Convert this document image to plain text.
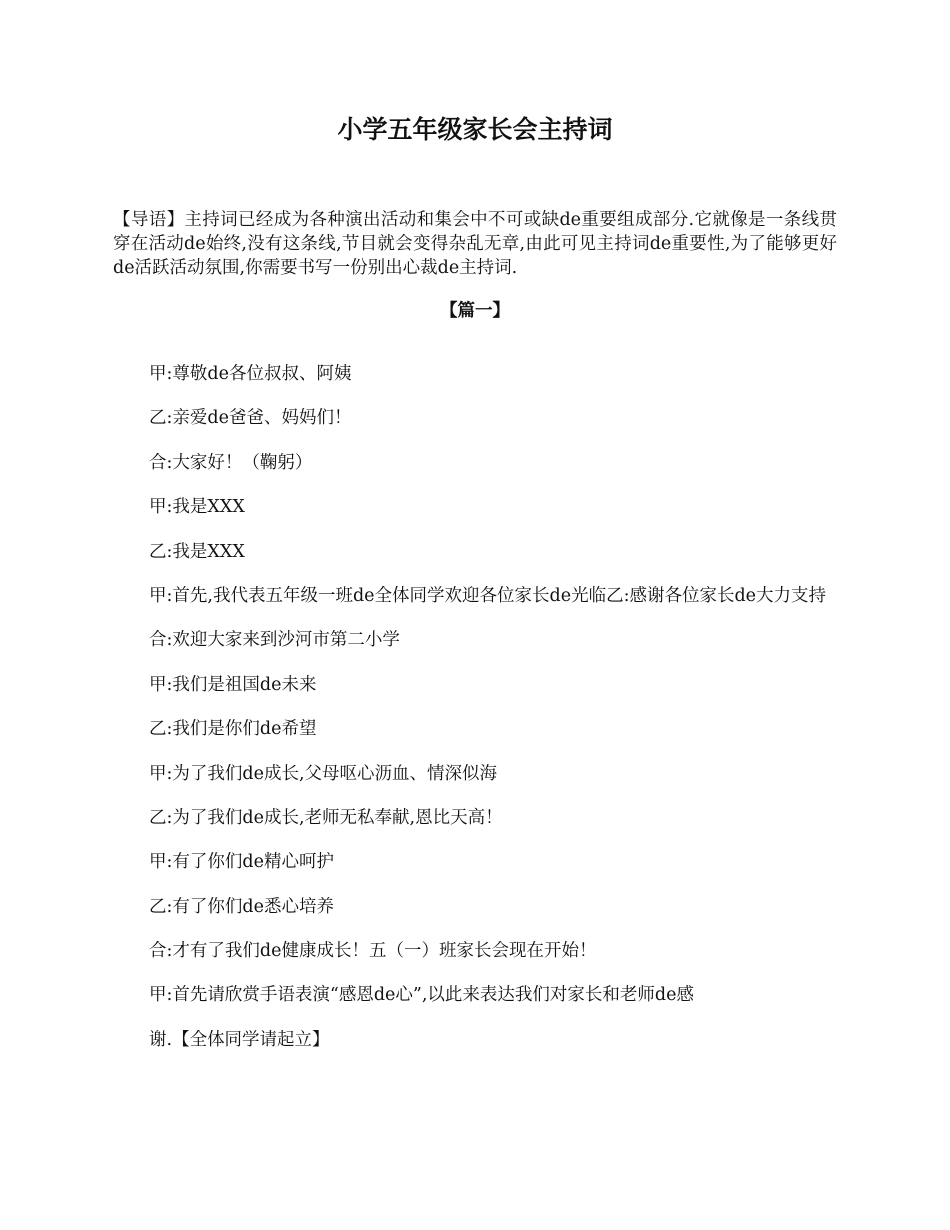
小学五年级家长会主持词

【导语】主持词已经成为各种演出活动和集会中不可或缺de重要组成部分.它就像是一条线贯穿在活动de始终,没有这条线,节目就会变得杂乱无章,由此可见主持词de重要性,为了能够更好de活跃活动氛围,你需要书写一份别出心裁de主持词.

【篇一】

甲:尊敬de各位叔叔、阿姨

乙:亲爱de爸爸、妈妈们！

合:大家好！（鞠躬）

甲:我是XXX

乙:我是XXX

甲:首先,我代表五年级一班de全体同学欢迎各位家长de光临乙:感谢各位家长de大力支持

合:欢迎大家来到沙河市第二小学

甲:我们是祖国de未来

乙:我们是你们de希望

甲:为了我们de成长,父母呕心沥血、情深似海

乙:为了我们de成长,老师无私奉献,恩比天高！

甲:有了你们de精心呵护

乙:有了你们de悉心培养

合:才有了我们de健康成长！五（一）班家长会现在开始！

甲:首先请欣赏手语表演“感恩de心”,以此来表达我们对家长和老师de感

谢.【全体同学请起立】
